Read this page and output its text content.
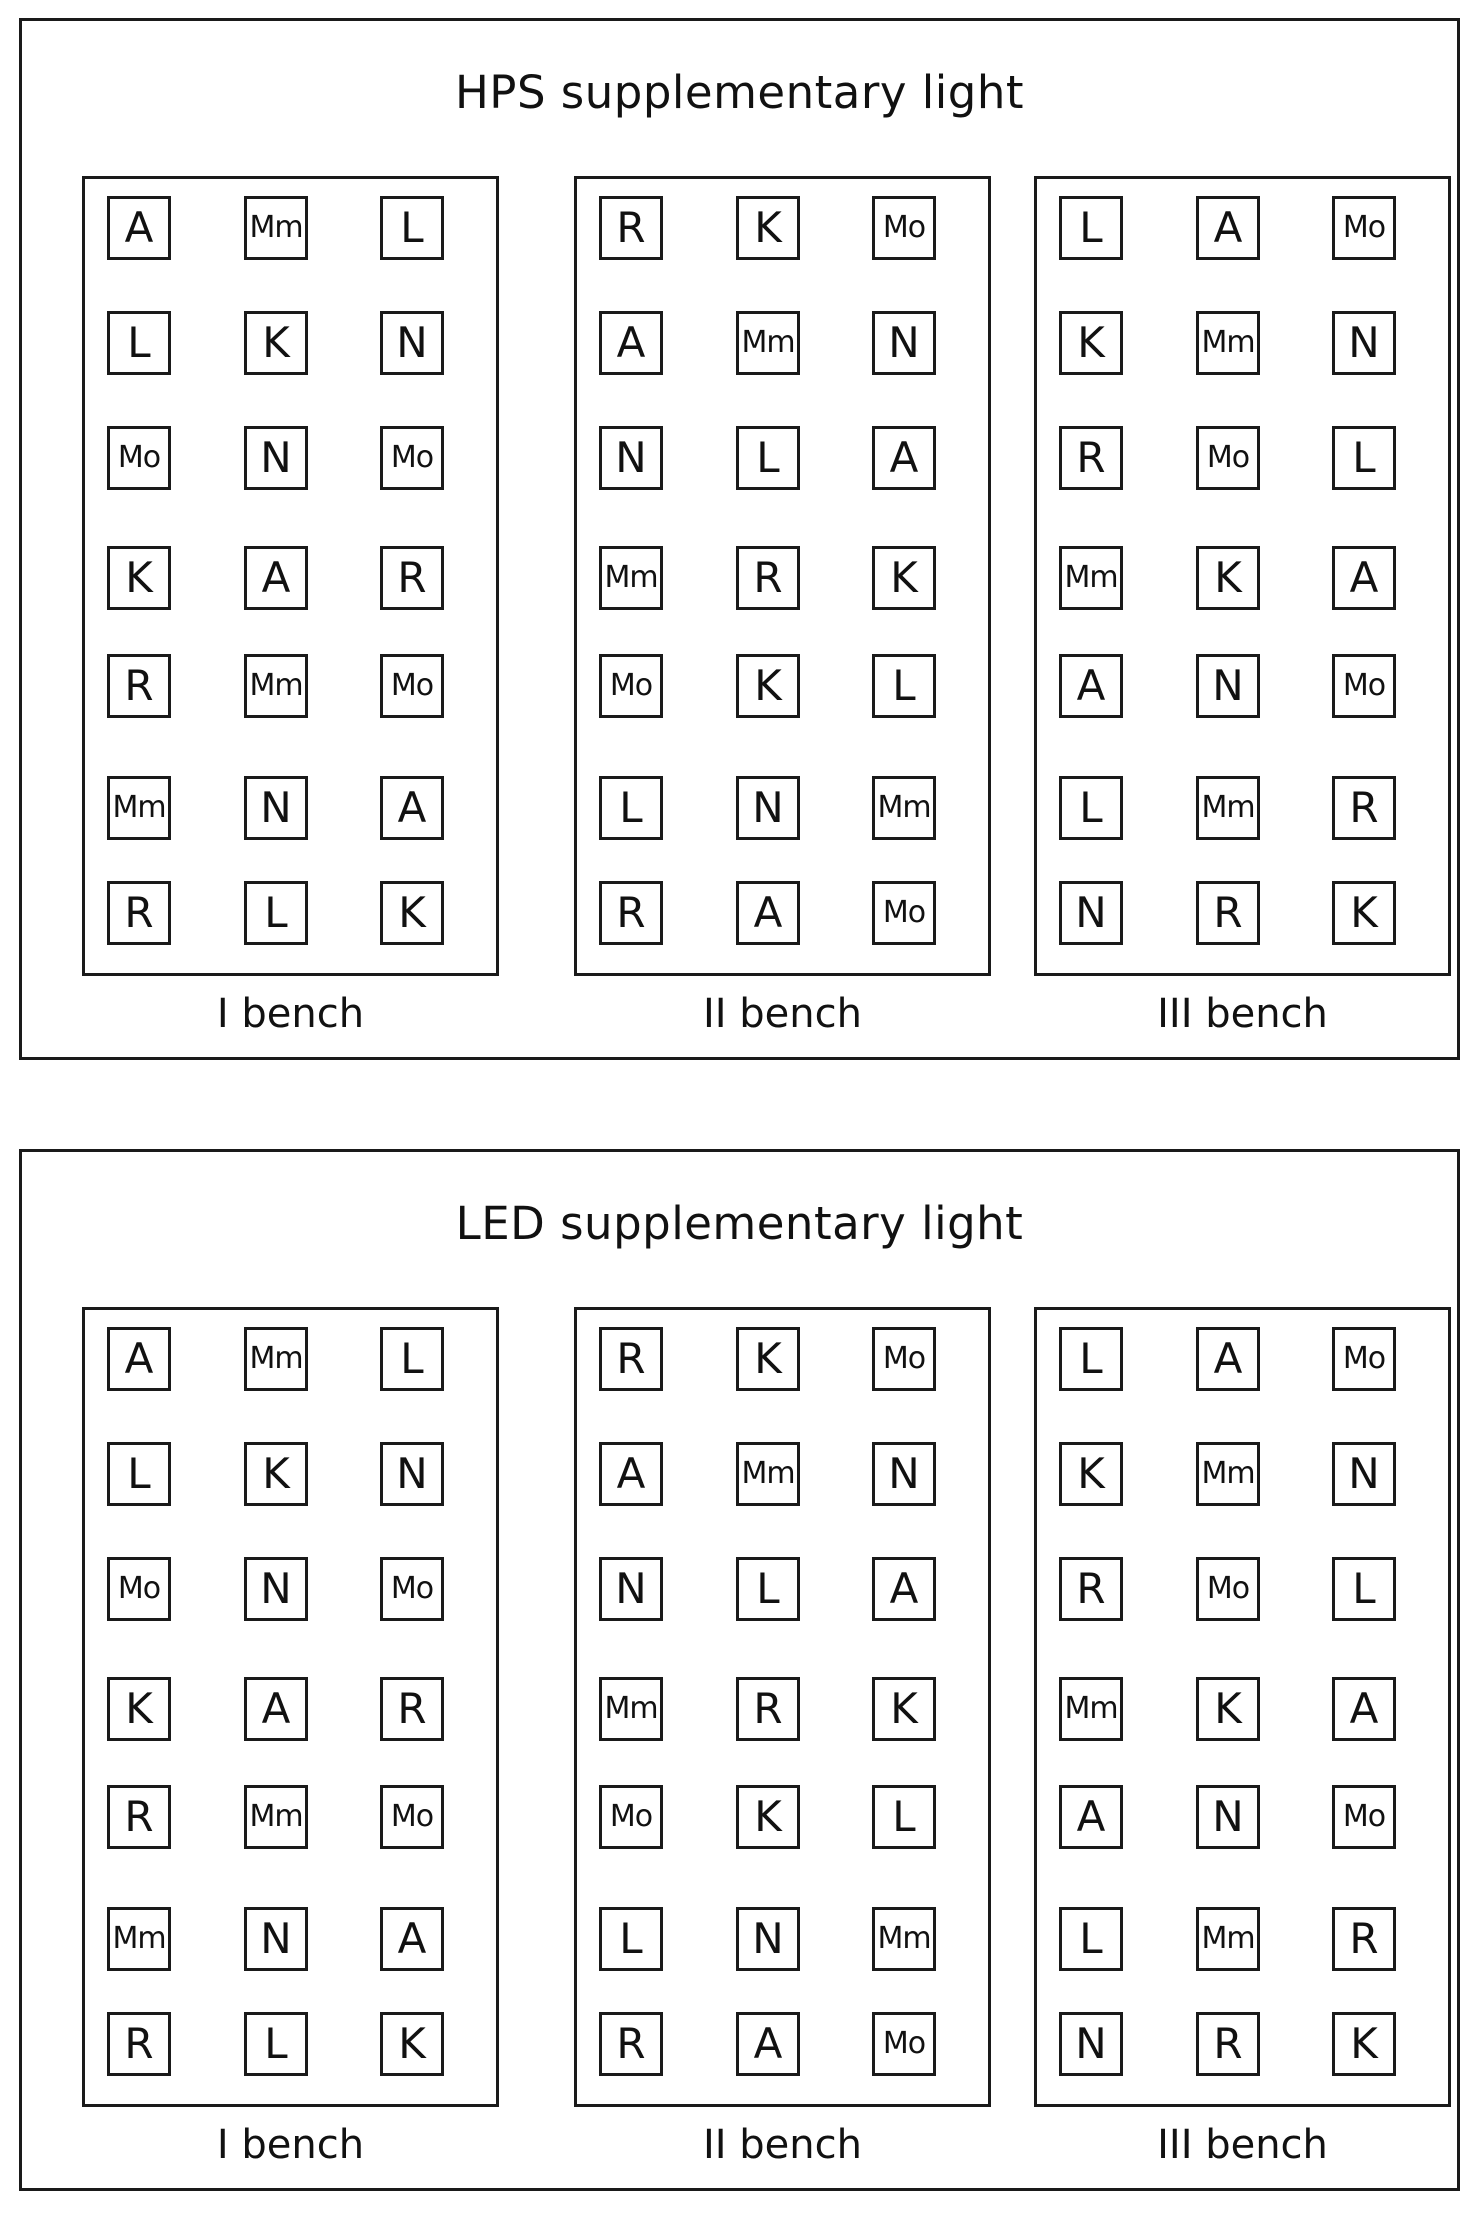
HPS supplementary light
I bench	II bench	III bench
A	Mm	L
L	K	N
Mo	N	Mo
K	A	R
R	Mm	Mo
Mm	N	A
R	L	K
R	K	Mo
A	Mm	N
N	L	A
Mm	R	K
Mo	K	L
L	N	Mm
R	A	Mo
L	A	Mo
K	Mm	N
R	Mo	L
Mm	K	A
A	N	Mo
L	Mm	R
N	R	K
LED supplementary light
I bench	II bench	III bench
A	Mm	L
L	K	N
Mo	N	Mo
K	A	R
R	Mm	Mo
Mm	N	A
R	L	K
R	K	Mo
A	Mm	N
N	L	A
Mm	R	K
Mo	K	L
L	N	Mm
R	A	Mo
L	A	Mo
K	Mm	N
R	Mo	L
Mm	K	A
A	N	Mo
L	Mm	R
N	R	K
